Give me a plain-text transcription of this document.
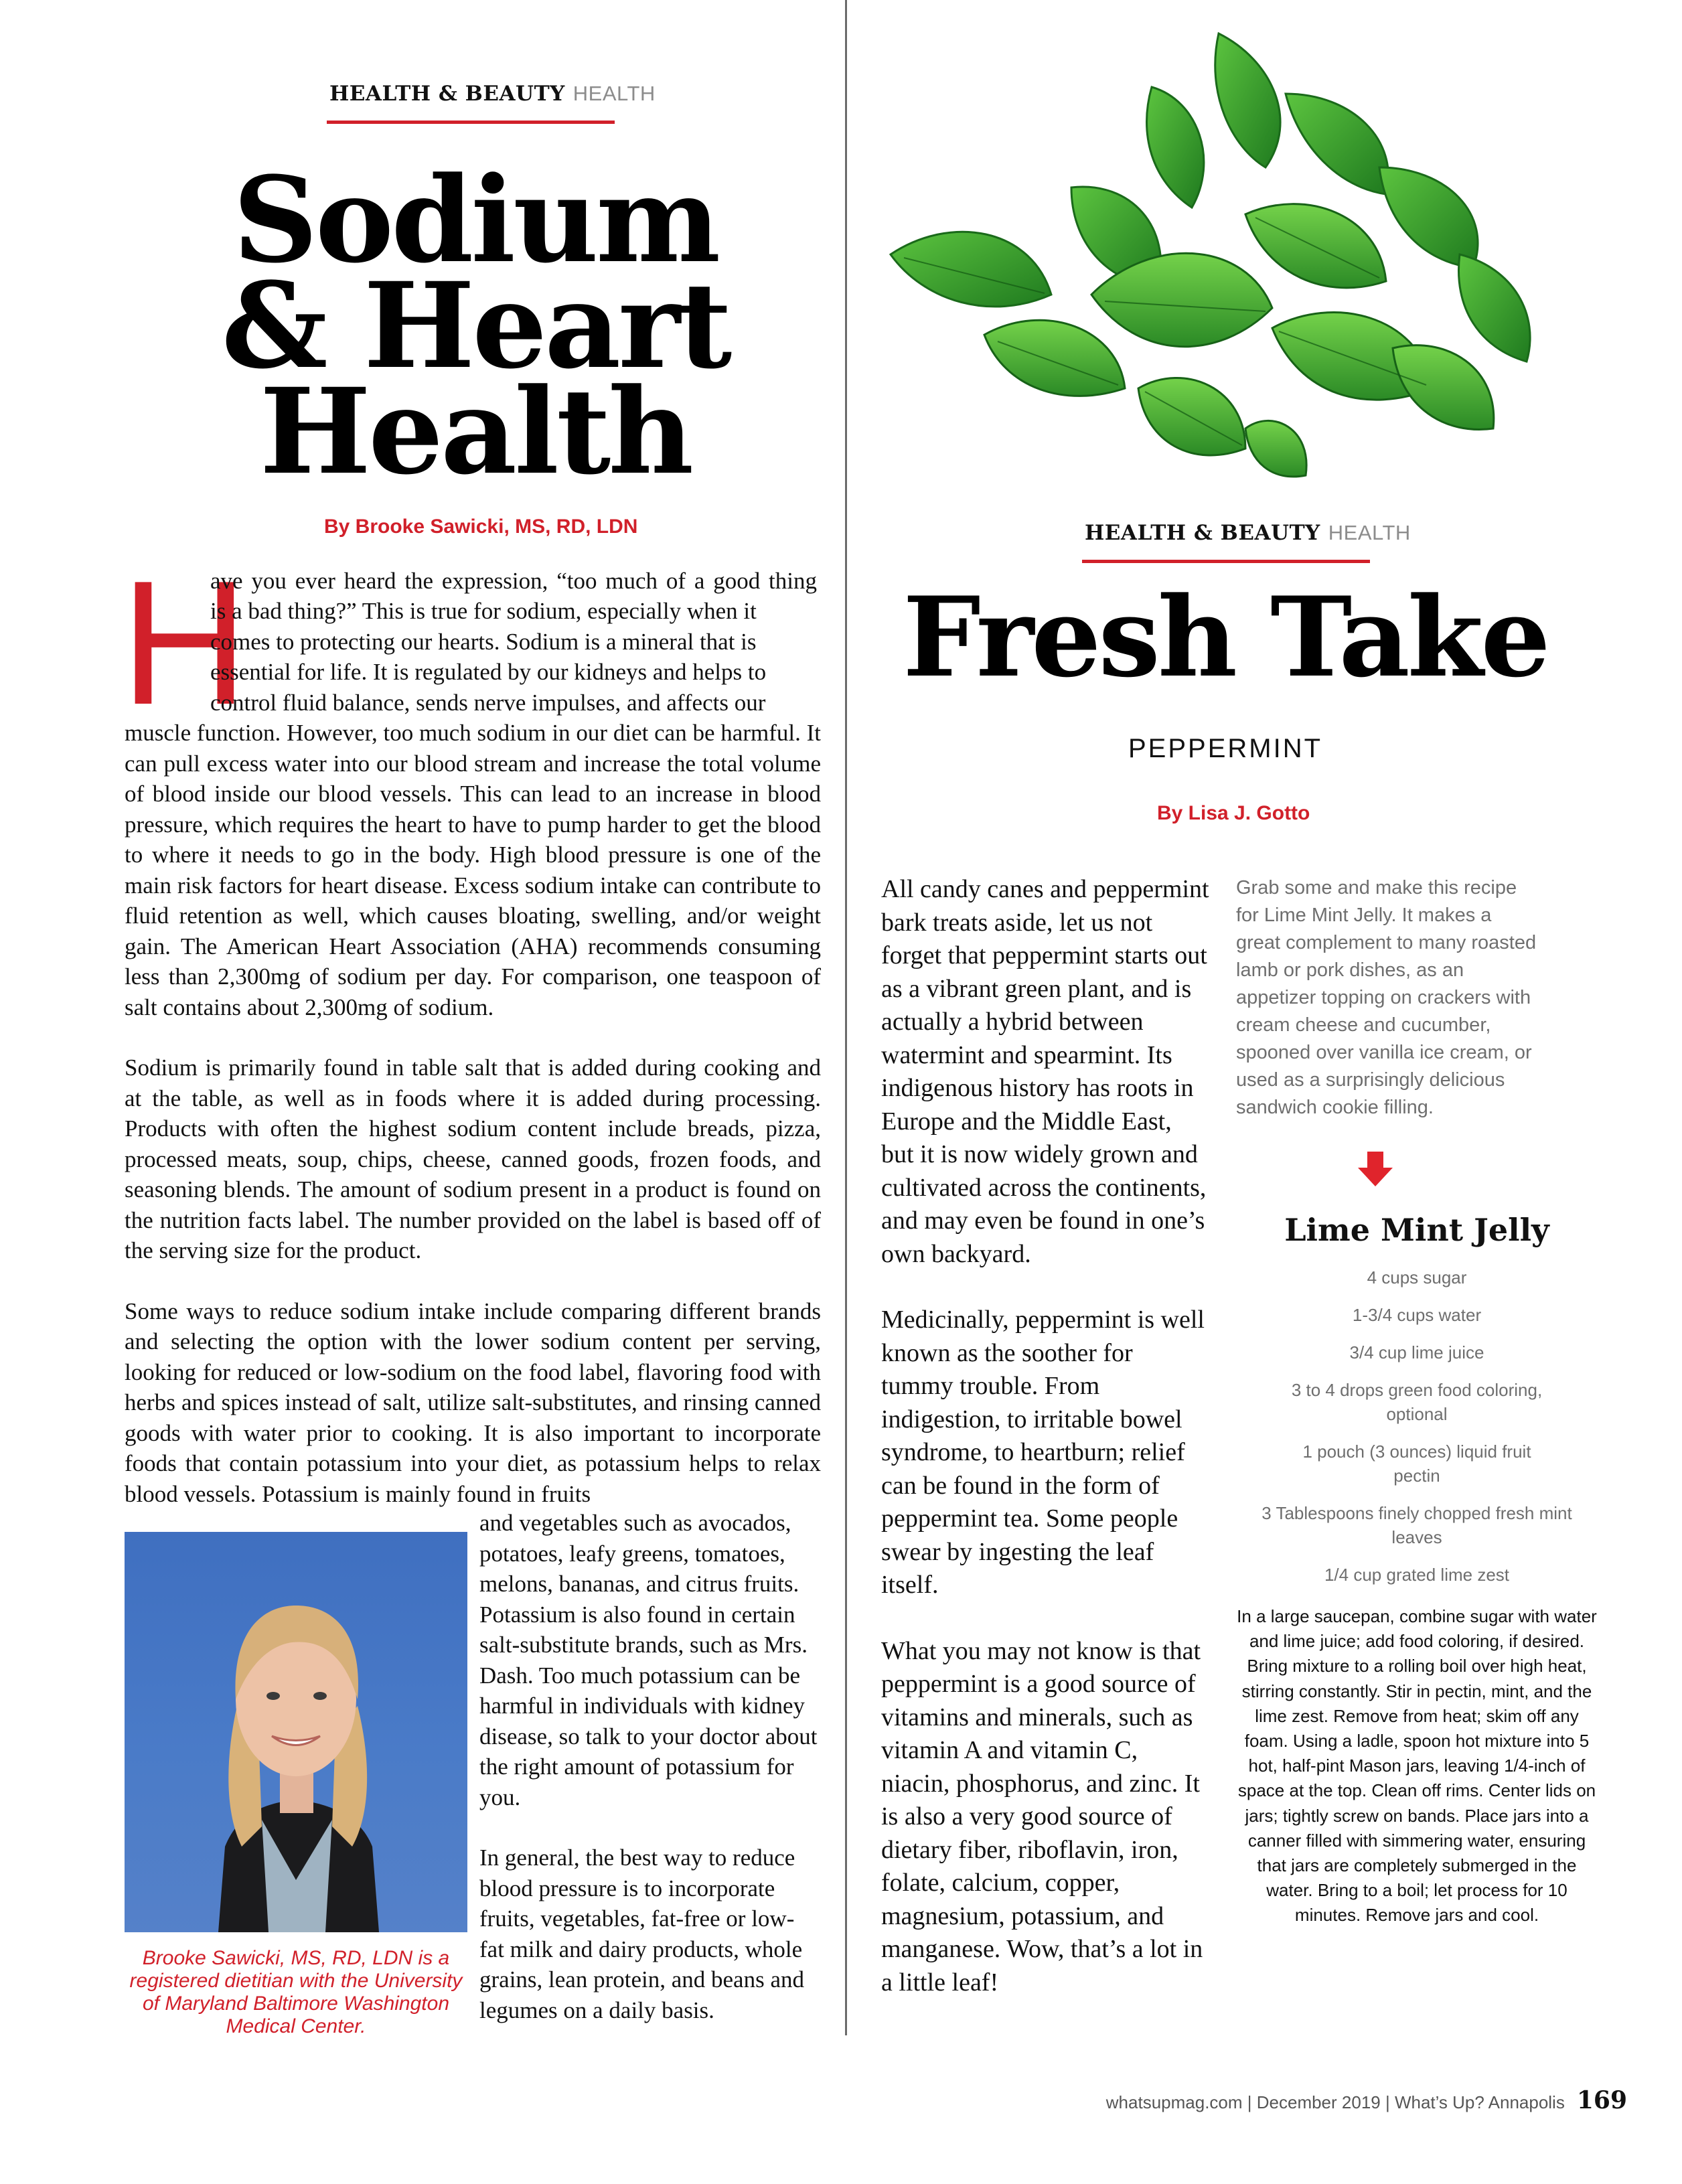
HEALTH & BEAUTY HEALTH
Sodium
& Heart
Health
By Brooke Sawicki, MS, RD, LDN
H
ave you ever heard the expression, “too much of a good thing
is a bad thing?” This is true for sodium, especially when it
comes to protecting our hearts. Sodium is a mineral that is
essential for life. It is regulated by our kidneys and helps to
control fluid balance, sends nerve impulses, and affects our

muscle function. However, too much sodium in our diet can be harmful. It can pull excess water into our blood stream and increase the total volume of blood inside our blood vessels. This can lead to an increase in blood pressure, which requires the heart to have to pump harder to get the blood to where it needs to go in the body. High blood pressure is one of the main risk factors for heart disease. Excess sodium intake can contribute to fluid retention as well, which causes bloating, swelling, and/or weight gain. The American Heart Association (AHA) recommends consuming less than 2,300mg of sodium per day. For comparison, one teaspoon of salt contains about 2,300mg of sodium.

Sodium is primarily found in table salt that is added during cooking and at the table, as well as in foods where it is added during processing. Products with often the highest sodium content include breads, pizza, processed meats, soup, chips, cheese, canned goods, frozen foods, and seasoning blends. The amount of sodium present in a product is found on the nutrition facts label. The number provided on the label is based off of the serving size for the product.

Some ways to reduce sodium intake include comparing different brands and selecting the option with the lower sodium content per serving, looking for reduced or low-sodium on the food label, flavoring food with herbs and spices instead of salt, utilize salt-substitutes, and rinsing canned goods with water prior to cooking. It is also important to incorporate foods that contain potassium into your diet, as potassium helps to relax blood vessels. Potassium is mainly found in fruits

and vegetables such as avocados, potatoes, leafy greens, tomatoes, melons, bananas, and citrus fruits. Potassium is also found in certain salt-substitute brands, such as Mrs. Dash. Too much potassium can be harmful in individuals with kidney disease, so talk to your doctor about the right amount of potassium for you.

In general, the best way to reduce blood pressure is to incorporate fruits, vegetables, fat-free or low-fat milk and dairy products, whole grains, lean protein, and beans and legumes on a daily basis.

Brooke Sawicki, MS, RD, LDN is a registered dietitian with the University of Maryland Baltimore Washington Medical Center.
HEALTH & BEAUTY HEALTH
Fresh Take
PEPPERMINT
By Lisa J. Gotto

All candy canes and peppermint bark treats aside, let us not forget that peppermint starts out as a vibrant green plant, and is actually a hybrid between watermint and spearmint. Its indigenous history has roots in Europe and the Middle East, but it is now widely grown and cultivated across the continents, and may even be found in one’s own backyard.

Medicinally, peppermint is well known as the soother for tummy trouble. From indigestion, to irritable bowel syndrome, to heartburn; relief can be found in the form of peppermint tea. Some people swear by ingesting the leaf itself.

What you may not know is that peppermint is a good source of vitamins and minerals, such as vitamin A and vitamin C, niacin, phosphorus, and zinc. It is also a very good source of dietary fiber, riboflavin, iron, folate, calcium, copper, magnesium, potassium, and manganese. Wow, that’s a lot in a little leaf!

Grab some and make this recipe for Lime Mint Jelly. It makes a great complement to many roasted lamb or pork dishes, as an appetizer topping on crackers with cream cheese and cucumber, spooned over vanilla ice cream, or used as a surprisingly delicious sandwich cookie filling.
Lime Mint Jelly
4 cups sugar
1-3/4 cups water
3/4 cup lime juice
3 to 4 drops green food coloring, optional
1 pouch (3 ounces) liquid fruit pectin
3 Tablespoons finely chopped fresh mint leaves
1/4 cup grated lime zest
In a large saucepan, combine sugar with water and lime juice; add food coloring, if desired. Bring mixture to a rolling boil over high heat, stirring constantly. Stir in pectin, mint, and the lime zest. Remove from heat; skim off any foam. Using a ladle, spoon hot mixture into 5 hot, half-pint Mason jars, leaving 1/4-inch of space at the top. Clean off rims. Center lids on jars; tightly screw on bands. Place jars into a canner filled with simmering water, ensuring that jars are completely submerged in the water. Bring to a boil; let process for 10 minutes. Remove jars and cool.
whatsupmag.com | December 2019 | What’s Up? Annapolis 169
